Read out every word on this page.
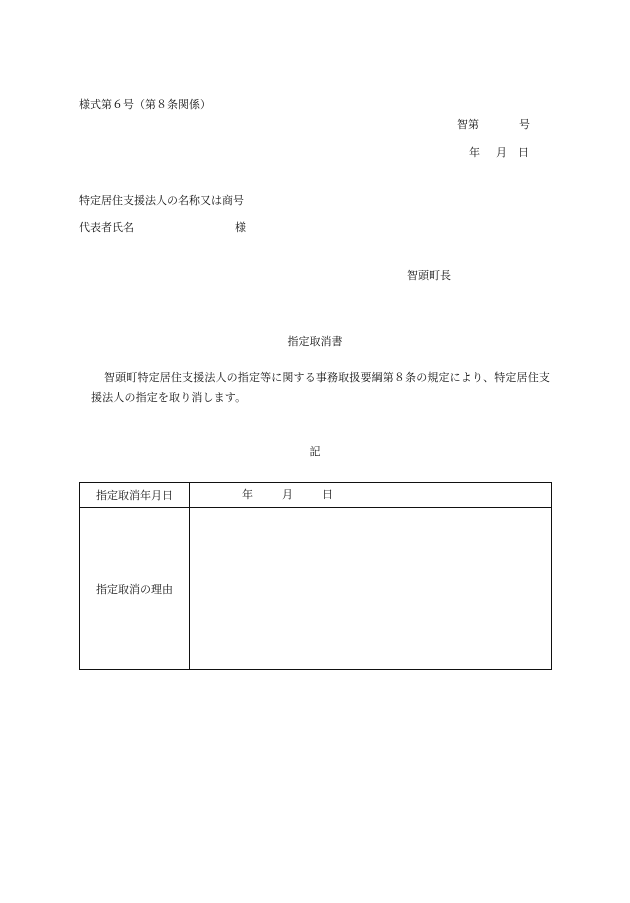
様式第６号（第８条関係）
智第	号
年 月 日
特定居住支援法人の名称又は商号
代表者氏名	様
智頭町長
指定取消書
智頭町特定居住支援法人の指定等に関する事務取扱要綱第８条の規定により、特定居住支援法人の指定を取り消します。
記
指定取消年月日	年 月 日

指定取消の理由	
